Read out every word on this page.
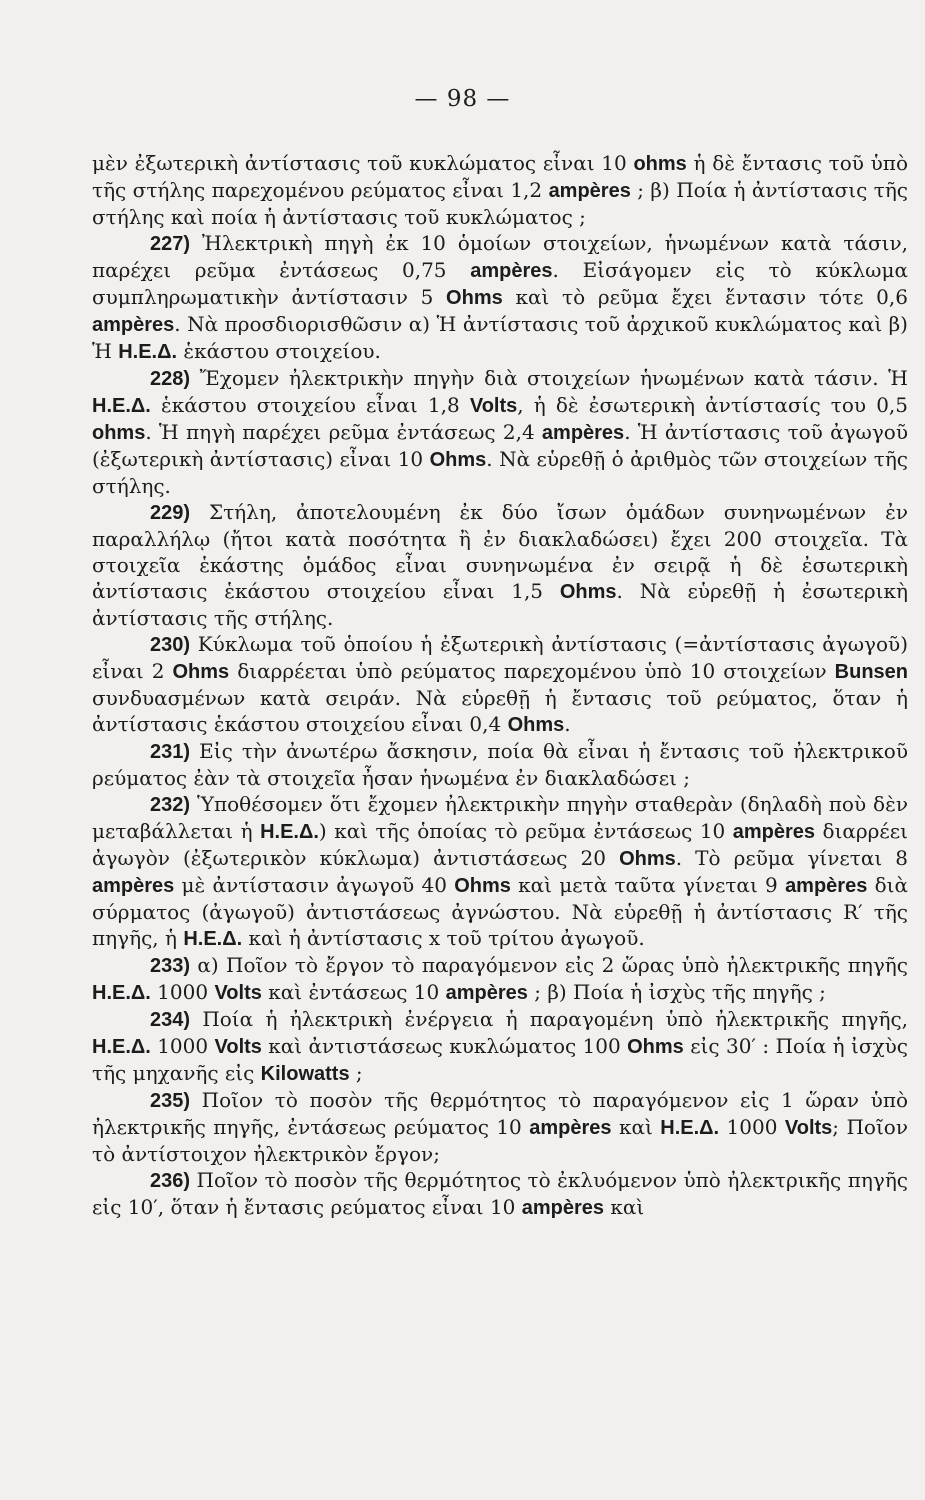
— 98 —

μὲν ἐξωτερικὴ ἀντίστασις τοῦ κυκλώματος εἶναι 10 ohms ἡ δὲ ἔντασις τοῦ ὑπὸ τῆς στήλης παρεχομένου ρεύματος εἶναι 1,2 ampères ; β) Ποία ἡ ἀντίστασις τῆς στήλης καὶ ποία ἡ ἀντίστασις τοῦ κυκλώματος ;

227) Ἠλεκτρικὴ πηγὴ ἐκ 10 ὁμοίων στοιχείων, ἡνωμένων κατὰ τάσιν, παρέχει ρεῦμα ἐντάσεως 0,75 ampères. Εἰσάγομεν εἰς τὸ κύκλωμα συμπληρωματικὴν ἀντίστασιν 5 Ohms καὶ τὸ ρεῦμα ἔχει ἔντασιν τότε 0,6 ampères. Νὰ προσδιορισθῶσιν α) Ἡ ἀντίστασις τοῦ ἀρχικοῦ κυκλώματος καὶ β) Ἡ Η.Ε.Δ. ἑκάστου στοιχείου.

228) Ἔχομεν ἠλεκτρικὴν πηγὴν διὰ στοιχείων ἡνωμένων κατὰ τάσιν. Ἡ Η.Ε.Δ. ἑκάστου στοιχείου εἶναι 1,8 Volts, ἡ δὲ ἐσωτερικὴ ἀντίστασίς του 0,5 ohms. Ἡ πηγὴ παρέχει ρεῦμα ἐντάσεως 2,4 ampères. Ἡ ἀντίστασις τοῦ ἀγωγοῦ (ἐξωτερικὴ ἀντίστασις) εἶναι 10 Ohms. Νὰ εὑρεθῇ ὁ ἀριθμὸς τῶν στοιχείων τῆς στήλης.

229) Στήλη, ἀποτελουμένη ἐκ δύο ἴσων ὁμάδων συνηνωμένων ἐν παραλλήλῳ (ἤτοι κατὰ ποσότητα ἢ ἐν διακλαδώσει) ἔχει 200 στοιχεῖα. Τὰ στοιχεῖα ἑκάστης ὁμάδος εἶναι συνηνωμένα ἐν σειρᾷ ἡ δὲ ἐσωτερικὴ ἀντίστασις ἑκάστου στοιχείου εἶναι 1,5 Ohms. Νὰ εὑρεθῇ ἡ ἐσωτερικὴ ἀντίστασις τῆς στήλης.

230) Κύκλωμα τοῦ ὁποίου ἡ ἐξωτερικὴ ἀντίστασις (=ἀντίστασις ἀγωγοῦ) εἶναι 2 Ohms διαρρέεται ὑπὸ ρεύματος παρεχομένου ὑπὸ 10 στοιχείων Bunsen συνδυασμένων κατὰ σειράν. Νὰ εὑρεθῇ ἡ ἔντασις τοῦ ρεύματος, ὅταν ἡ ἀντίστασις ἑκάστου στοιχείου εἶναι 0,4 Ohms.

231) Εἰς τὴν ἀνωτέρω ἄσκησιν, ποία θὰ εἶναι ἡ ἔντασις τοῦ ἠλεκτρικοῦ ρεύματος ἐὰν τὰ στοιχεῖα ἦσαν ἡνωμένα ἐν διακλαδώσει ;

232) Ὑποθέσομεν ὅτι ἔχομεν ἠλεκτρικὴν πηγὴν σταθερὰν (δηλαδὴ ποὺ δὲν μεταβάλλεται ἡ Η.Ε.Δ.) καὶ τῆς ὁποίας τὸ ρεῦμα ἐντάσεως 10 ampères διαρρέει ἀγωγὸν (ἐξωτερικὸν κύκλωμα) ἀντιστάσεως 20 Ohms. Τὸ ρεῦμα γίνεται 8 ampères μὲ ἀντίστασιν ἀγωγοῦ 40 Ohms καὶ μετὰ ταῦτα γίνεται 9 ampères διὰ σύρματος (ἀγωγοῦ) ἀντιστάσεως ἀγνώστου. Νὰ εὑρεθῇ ἡ ἀντίστασις R′ τῆς πηγῆς, ἡ Η.Ε.Δ. καὶ ἡ ἀντίστασις x τοῦ τρίτου ἀγωγοῦ.

233) α) Ποῖον τὸ ἔργον τὸ παραγόμενον εἰς 2 ὥρας ὑπὸ ἠλεκτρικῆς πηγῆς Η.Ε.Δ. 1000 Volts καὶ ἐντάσεως 10 ampères ; β) Ποία ἡ ἰσχὺς τῆς πηγῆς ;

234) Ποία ἡ ἠλεκτρικὴ ἐνέργεια ἡ παραγομένη ὑπὸ ἠλεκτρικῆς πηγῆς, Η.Ε.Δ. 1000 Volts καὶ ἀντιστάσεως κυκλώματος 100 Ohms εἰς 30′ : Ποία ἡ ἰσχὺς τῆς μηχανῆς εἰς Kilowatts ;

235) Ποῖον τὸ ποσὸν τῆς θερμότητος τὸ παραγόμενον εἰς 1 ὥραν ὑπὸ ἠλεκτρικῆς πηγῆς, ἐντάσεως ρεύματος 10 ampères καὶ Η.Ε.Δ. 1000 Volts; Ποῖον τὸ ἀντίστοιχον ἠλεκτρικὸν ἔργον;

236) Ποῖον τὸ ποσὸν τῆς θερμότητος τὸ ἐκλυόμενον ὑπὸ ἠλεκτρικῆς πηγῆς εἰς 10′, ὅταν ἡ ἔντασις ρεύματος εἶναι 10 ampères καὶ
